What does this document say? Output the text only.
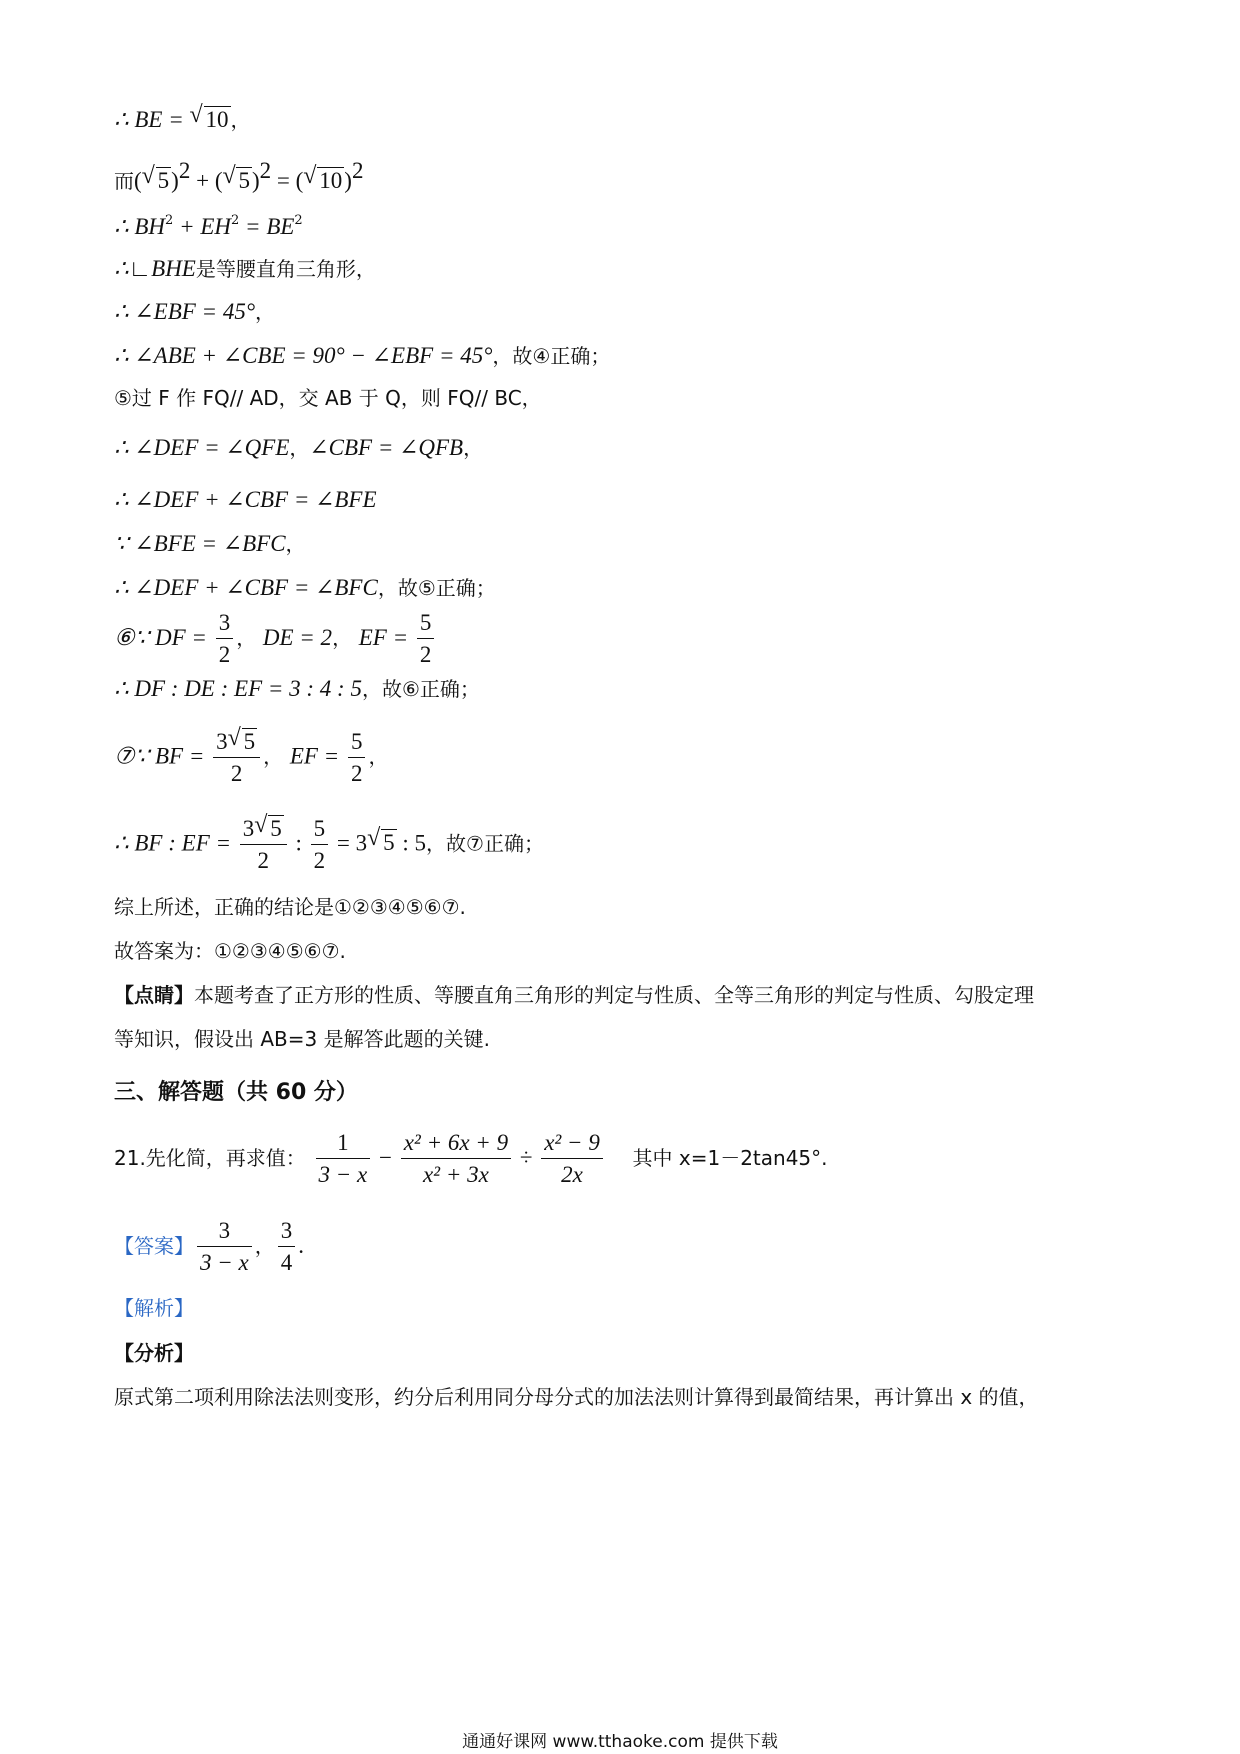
∴ BE = √ 10 ，
而(√ 5)$^2$ + (√ 5)$^2$ = (√ 10)$^2$
∴ $BH^2 + EH^2 = BE^2$
∴∟BHE是等腰直角三角形，
∴ ∠EBF = 45°，
∴ ∠ABE + ∠CBE = 90° − ∠EBF = 45°，故④正确；
⑤过 F 作 FQ// AD，交 AB 于 Q，则 FQ// BC，
∴ ∠DEF = ∠QFE，∠CBF = ∠QFB，
∴ ∠DEF + ∠CBF = ∠BFE
∵ ∠BFE = ∠BFC，
∴ ∠DEF + ∠CBF = ∠BFC，故⑤正确；
⑥∵ DF = $\frac{3}{2}$ ， DE = 2， EF = $\frac{5}{2}$
∴ DF : DE : EF = 3 : 4 : 5，故⑥正确；
⑦∵ BF = $\frac{3√ 5}{2}$ ， EF = $\frac{5}{2}$ ，
∴ BF : EF = $\frac{3√ 5}{2}$ : $\frac{5}{2} = 3√$ 5 : 5，故⑦正确；
综上所述，正确的结论是①②③④⑤⑥⑦.
故答案为：①②③④⑤⑥⑦.
【点睛】本题考查了正方形的性质、等腰直角三角形的判定与性质、全等三角形的判定与性质、勾股定理
等知识，假设出 AB=3 是解答此题的关键.
三、解答题（共 60 分）
21.先化简，再求值： $\frac{1}{3 - x} - \frac{\text{x² + 6x + 9}}{\text{x² + 3x}} \div \frac{\text{x² − 9}}{2x}$ 其中 x=1－2tan45°.
【答案】 $\frac{3}{3 - x}$ ， $\frac{3}{4}$ .
【解析】
【分析】
原式第二项利用除法法则变形，约分后利用同分母分式的加法法则计算得到最简结果，再计算出 x 的值，
通通好课网 www.tthaoke.com 提供下载
